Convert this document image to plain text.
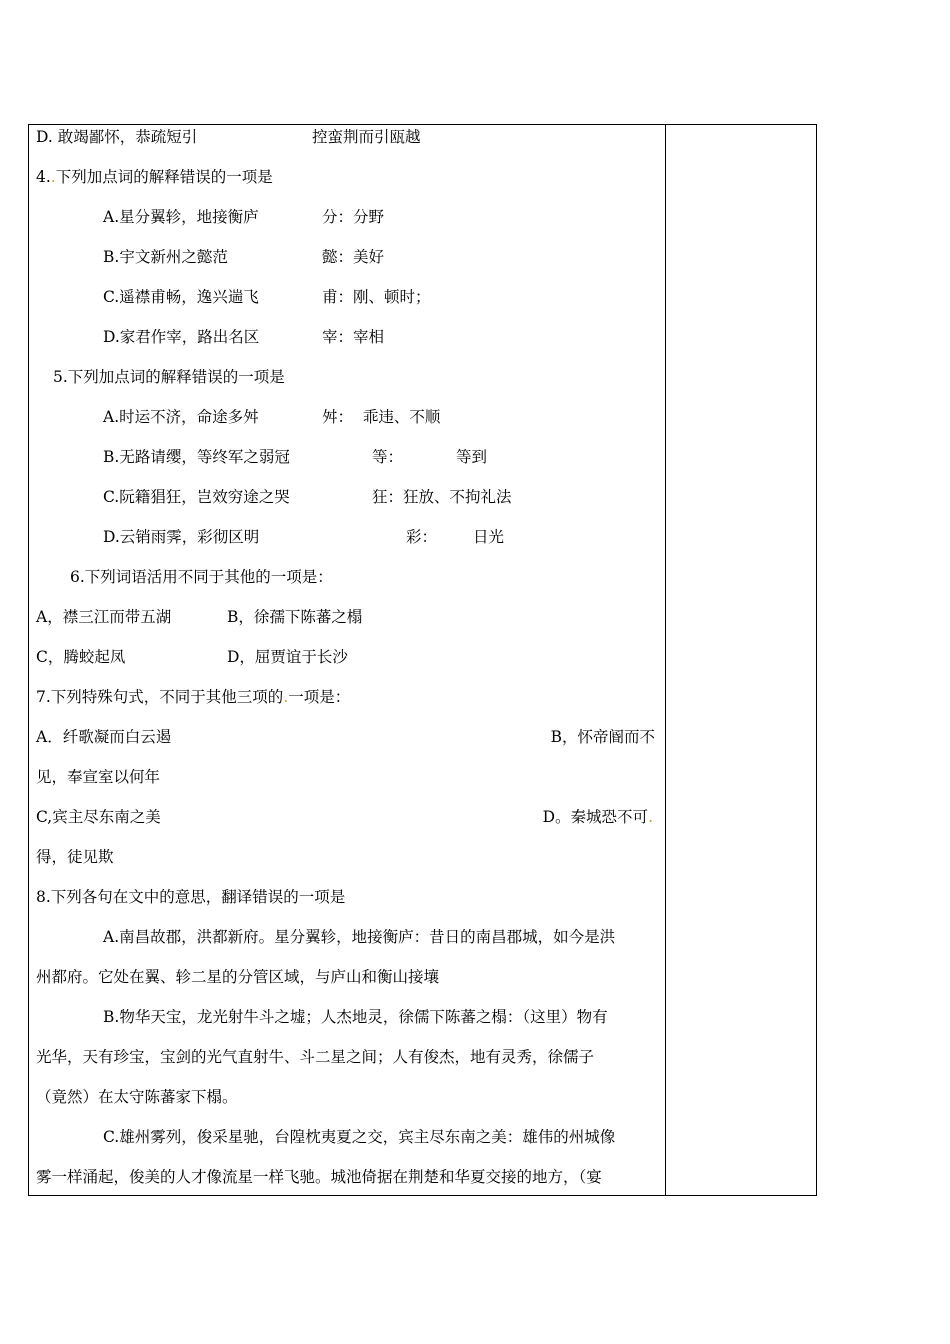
D. 敢竭鄙怀，恭疏短引	控蛮荆而引瓯越
4..下列加点词的解释错误的一项是
A.星分翼轸，地接衡庐	分：分野
B.宇文新州之懿范	懿：美好
C.遥襟甫畅，逸兴遄飞	甫：刚、顿时；
D.家君作宰，路出名区	宰：宰相
5.下列加点词的解释错误的一项是
A.时运不济，命途多舛	舛：  乖违、不顺
B.无路请缨，等终军之弱冠	等：	等到
C.阮籍猖狂，岂效穷途之哭	狂：狂放、不拘礼法
D.云销雨霁，彩彻区明	彩： 日光
6.下列词语活用不同于其他的一项是：
A，襟三江而带五湖	B，徐孺下陈蕃之榻
C，腾蛟起凤	D，屈贾谊于长沙
7.下列特殊句式，不同于其他三项的.一项是：
A．纤歌凝而白云遏	B，怀帝阍而不
见，奉宣室以何年
C,宾主尽东南之美	D。秦城恐不可.
得，徒见欺
8.下列各句在文中的意思，翻译错误的一项是
A.南昌故郡，洪都新府。星分翼轸，地接衡庐：昔日的南昌郡城，如今是洪
州都府。它处在翼、轸二星的分管区域，与庐山和衡山接壤
B.物华天宝，龙光射牛斗之墟；人杰地灵，徐儒下陈蕃之榻：（这里）物有
光华，天有珍宝，宝剑的光气直射牛、斗二星之间；人有俊杰，地有灵秀，徐儒子
（竟然）在太守陈蕃家下榻。
C.雄州雾列，俊采星驰，台隍枕夷夏之交，宾主尽东南之美：雄伟的州城像
雾一样涌起，俊美的人才像流星一样飞驰。城池倚据在荆楚和华夏交接的地方，（宴
